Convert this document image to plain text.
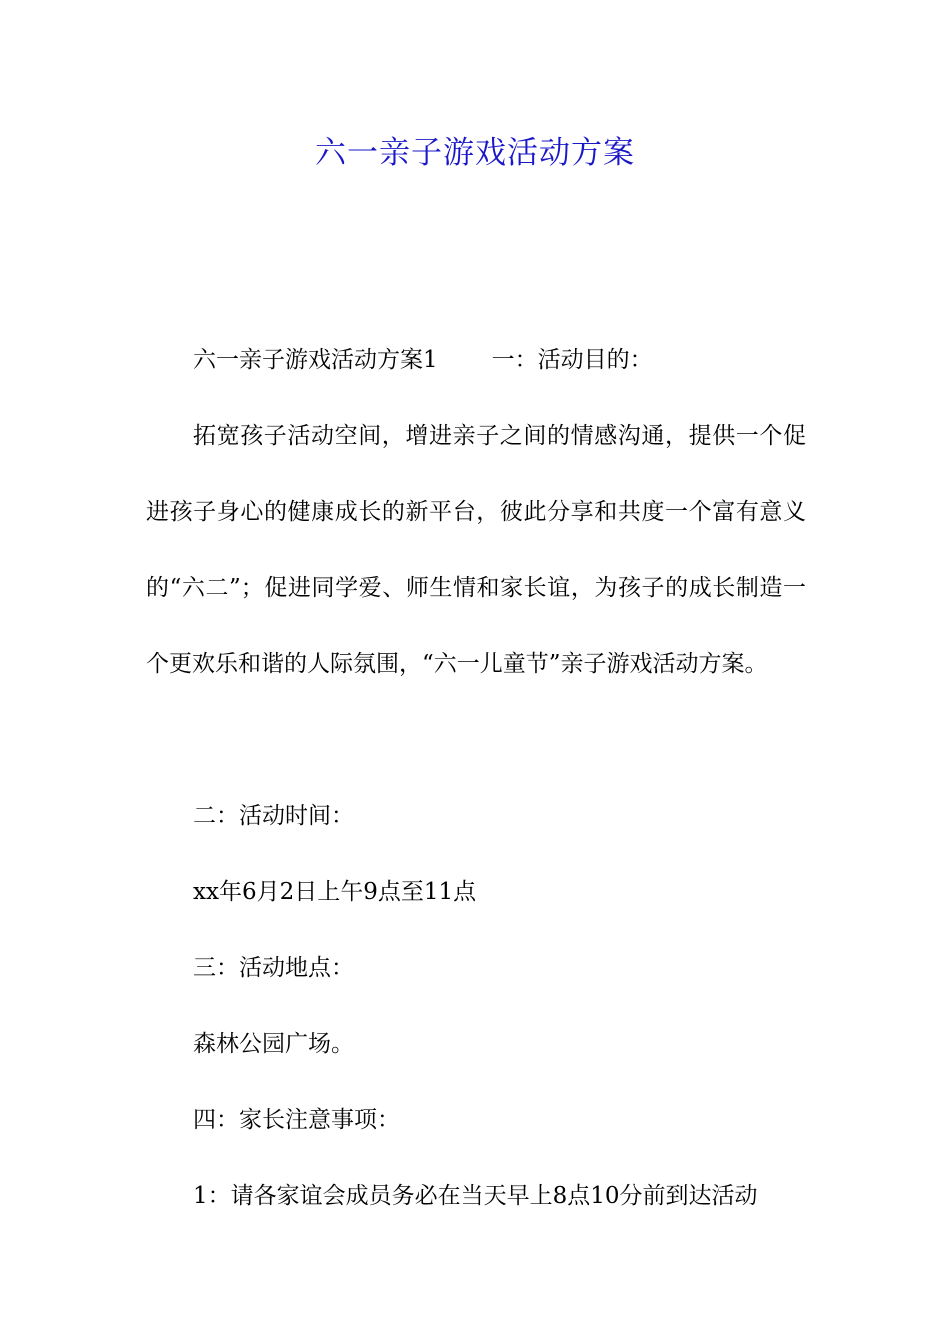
六一亲子游戏活动方案

六一亲子游戏活动方案1 一：活动目的：

拓宽孩子活动空间，增进亲子之间的情感沟通，提供一个促进孩子身心的健康成长的新平台，彼此分享和共度一个富有意义的“六二”；促进同学爱、师生情和家长谊，为孩子的成长制造一个更欢乐和谐的人际氛围，“六一儿童节”亲子游戏活动方案。

二：活动时间：

xx年6月2日上午9点至11点

三：活动地点：

森林公园广场。

四：家长注意事项：

1：请各家谊会成员务必在当天早上8点10分前到达活动
